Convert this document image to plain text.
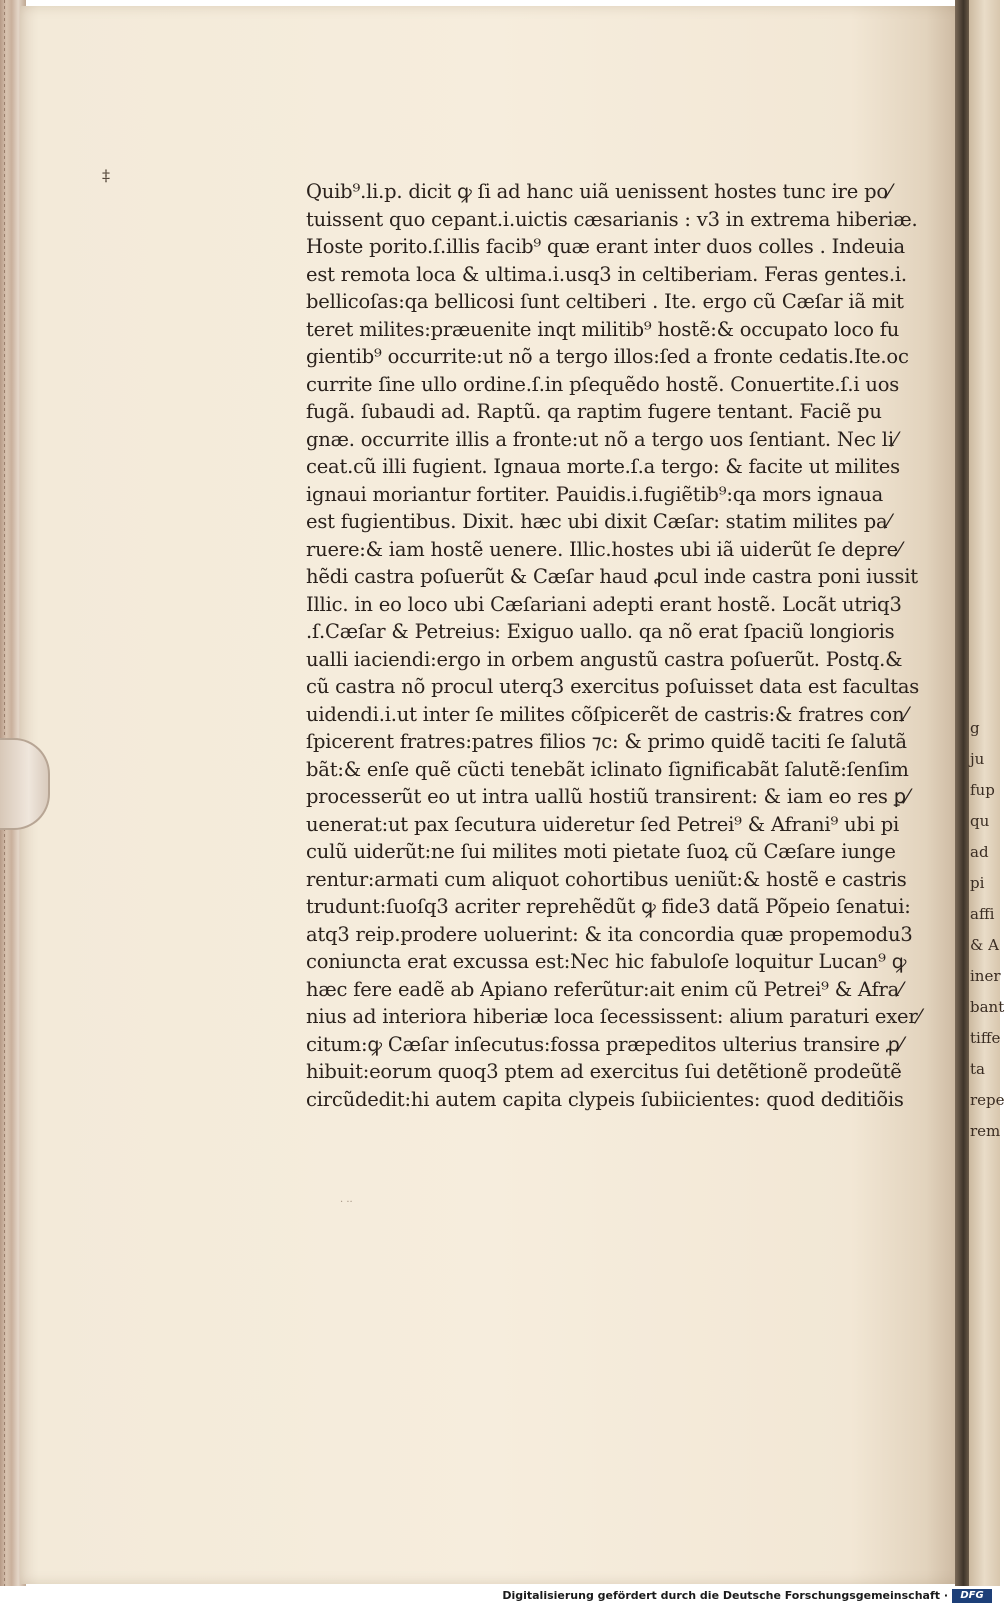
‡
Quib⁹.li.p. dicit ꝙ ſi ad hanc uiã uenissent hostes tunc ire po⁄
tuissent quo cepant.i.uictis cæsarianis : v3 in extrema hiberiæ.
Hoste porito.ſ.illis facib⁹ quæ erant inter duos colles . Indeuia
est remota loca & ultima.i.usq3 in celtiberiam. Feras gentes.i.
bellicoſas:qa bellicosi ſunt celtiberi . Ite. ergo cũ Cæſar iã mit
teret milites:præuenite inqt militib⁹ hostẽ:& occupato loco fu
gientib⁹ occurrite:ut nõ a tergo illos:ſed a fronte cedatis.Ite.oc
currite ſine ullo ordine.ſ.in pſequẽdo hostẽ. Conuertite.ſ.i uos
fugã. ſubaudi ad. Raptũ. qa raptim fugere tentant. Faciẽ pu
gnæ. occurrite illis a fronte:ut nõ a tergo uos ſentiant. Nec li⁄
ceat.cũ illi fugient. Ignaua morte.ſ.a tergo: & facite ut milites
ignaui moriantur fortiter. Pauidis.i.fugiẽtib⁹:qa mors ignaua
est fugientibus. Dixit. hæc ubi dixit Cæſar: statim milites pa⁄
ruere:& iam hostẽ uenere. Illic.hostes ubi iã uiderũt ſe depre⁄
hẽdi castra poſuerũt & Cæſar haud ꝓcul inde castra poni iussit
Illic. in eo loco ubi Cæſariani adepti erant hostẽ. Locãt utriq3
.ſ.Cæſar & Petreius: Exiguo uallo. qa nõ erat ſpaciũ longioris
ualli iaciendi:ergo in orbem angustũ castra poſuerũt. Postq.&
cũ castra nõ procul uterq3 exercitus poſuisset data est facultas
uidendi.i.ut inter ſe milites cõſpicerẽt de castris:& fratres con⁄
ſpicerent fratres:patres filios ⁊c: & primo quidẽ taciti ſe ſalutã
bãt:& enſe quẽ cũcti tenebãt iclinato ſignificabãt ſalutẽ:ſenſim
processerũt eo ut intra uallũ hostiũ transirent: & iam eo res ꝑ⁄
uenerat:ut pax ſecutura uideretur ſed Petrei⁹ & Afrani⁹ ubi pi
culũ uiderũt:ne ſui milites moti pietate ſuoꝝ cũ Cæſare iunge
rentur:armati cum aliquot cohortibus ueniũt:& hostẽ e castris
trudunt:ſuoſq3 acriter reprehẽdũt ꝙ fide3 datã Põpeio ſenatui:
atq3 reip.prodere uoluerint: & ita concordia quæ propemodu3
coniuncta erat excussa est:Nec hic fabuloſe loquitur Lucan⁹ ꝙ
hæc fere eadẽ ab Apiano referũtur:ait enim cũ Petrei⁹ & Afra⁄
nius ad interiora hiberiæ loca ſecessissent: alium paraturi exer⁄
citum:ꝙ Cæſar inſecutus:fossa præpeditos ulterius transire ꝓ⁄
hibuit:eorum quoq3 ptem ad exercitus ſui detẽtionẽ prodeũtẽ
circũdedit:hi autem capita clypeis ſubiicientes: quod deditiõis
g
ju
fup
qu
ad
pi
affi
& A
iner
bant
tiffe
ta
repe
rem
· ··
Digitalisierung gefördert durch die Deutsche Forschungsgemeinschaft ·	DFG
